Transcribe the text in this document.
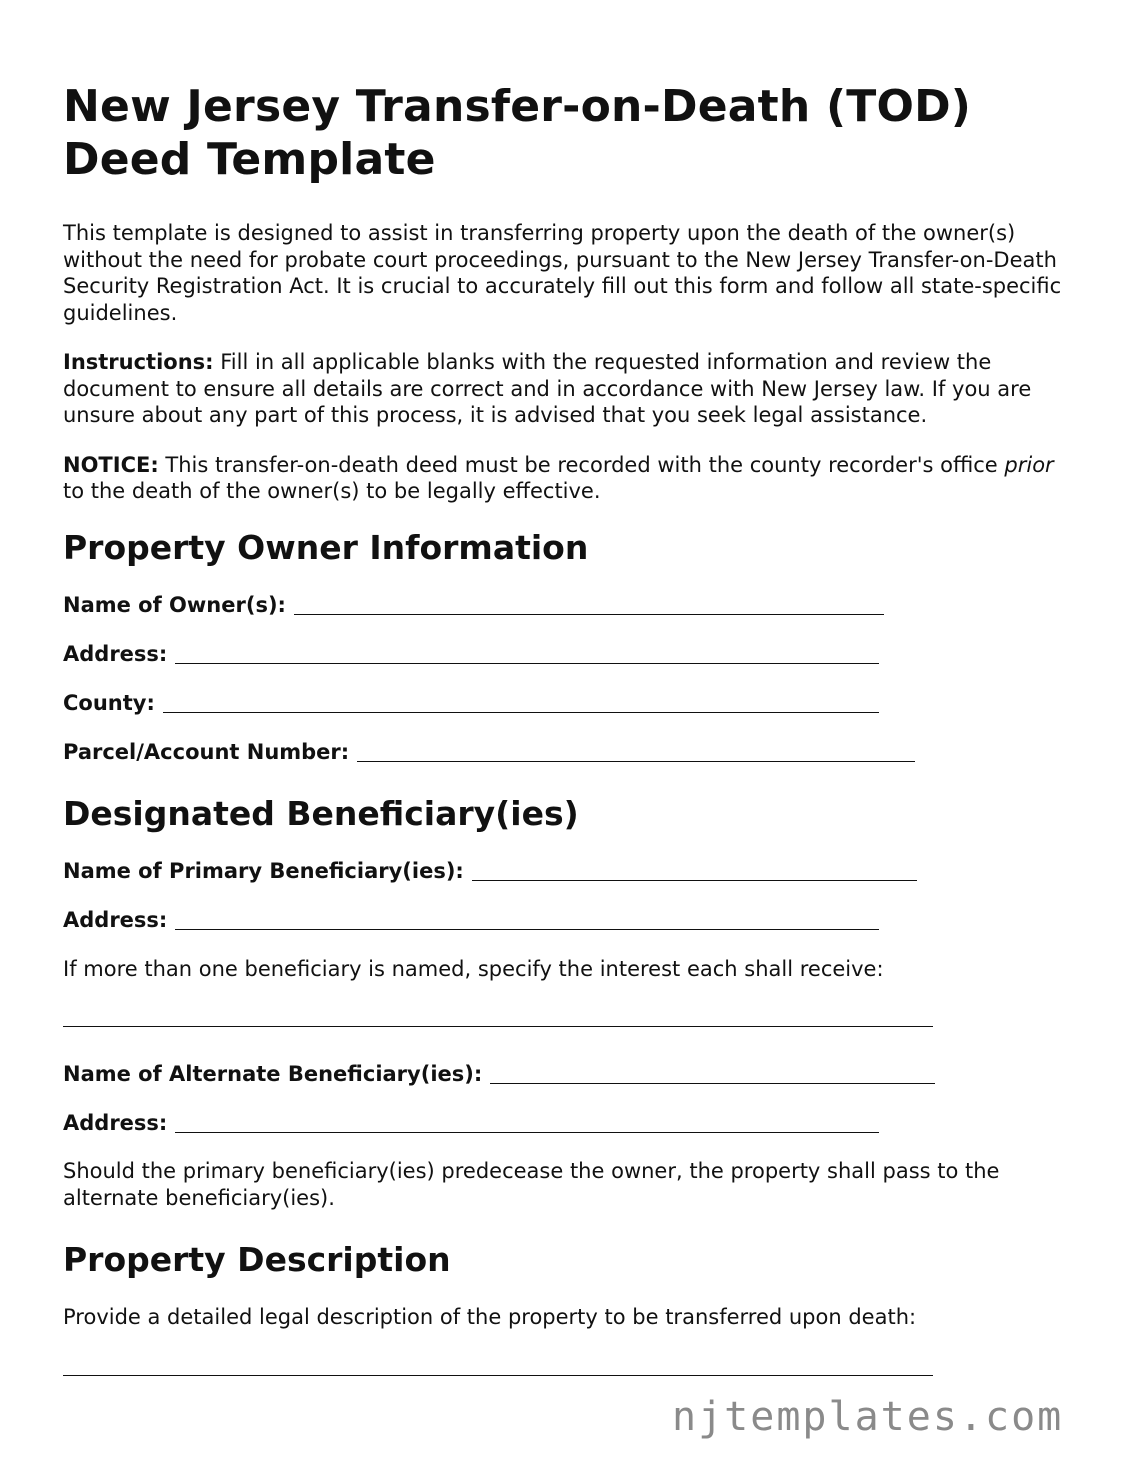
New Jersey Transfer-on-Death (TOD) Deed Template

This template is designed to assist in transferring property upon the death of the owner(s) without the need for probate court proceedings, pursuant to the New Jersey Transfer-on-Death Security Registration Act. It is crucial to accurately fill out this form and follow all state-specific guidelines.

Instructions: Fill in all applicable blanks with the requested information and review the document to ensure all details are correct and in accordance with New Jersey law. If you are unsure about any part of this process, it is advised that you seek legal assistance.

NOTICE: This transfer-on-death deed must be recorded with the county recorder's office prior to the death of the owner(s) to be legally effective.

Property Owner Information
Name of Owner(s):
Address:
County:
Parcel/Account Number:
Designated Beneficiary(ies)
Name of Primary Beneficiary(ies):
Address:

If more than one beneficiary is named, specify the interest each shall receive:

Name of Alternate Beneficiary(ies):
Address:

Should the primary beneficiary(ies) predecease the owner, the property shall pass to the alternate beneficiary(ies).

Property Description

Provide a detailed legal description of the property to be transferred upon death:

njtemplates.com
